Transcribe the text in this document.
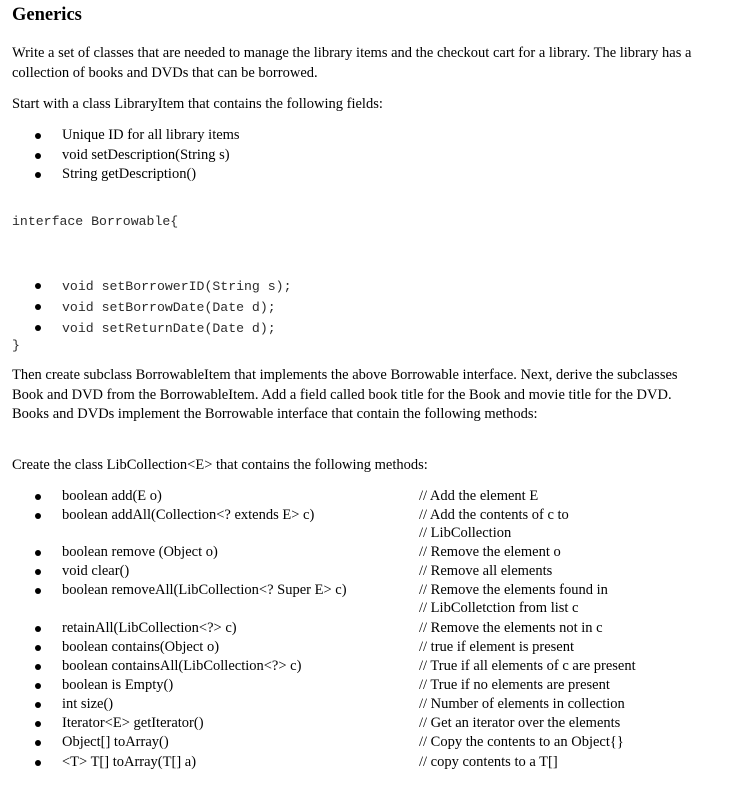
Generics

Write a set of classes that are needed to manage the library items and the checkout cart for a library. The library has a collection of books and DVDs that can be borrowed.

Start with a class LibraryItem that contains the following fields:

Unique ID for all library items
void setDescription(String s)
String getDescription()
interface Borrowable{
void setBorrowerID(String s);
void setBorrowDate(Date d);
void setReturnDate(Date d);
}

Then create subclass BorrowableItem that implements the above Borrowable interface. Next, derive the subclasses Book and DVD from the BorrowableItem. Add a field called book title for the Book and movie title for the DVD. Books and DVDs implement the Borrowable interface that contain the following methods:

Create the class LibCollection<E> that contains the following methods:

boolean add(E o)	// Add the element E
boolean addAll(Collection<? extends E> c)	// Add the contents of c to
// LibCollection
boolean remove (Object o)	// Remove the element o
void clear()	// Remove all elements
boolean removeAll(LibCollection<? Super E> c)	// Remove the elements found in
// LibColletction from list c
retainAll(LibCollection<?> c)	// Remove the elements not in c
boolean contains(Object o)	// true if element is present
boolean containsAll(LibCollection<?> c)	// True if all elements of c are present
boolean is Empty()	// True if no elements are present
int size()	// Number of elements in collection
Iterator<E> getIterator()	// Get an iterator over the elements
Object[] toArray()	// Copy the contents to an Object{}
<T> T[] toArray(T[] a)	// copy contents to a T[]
